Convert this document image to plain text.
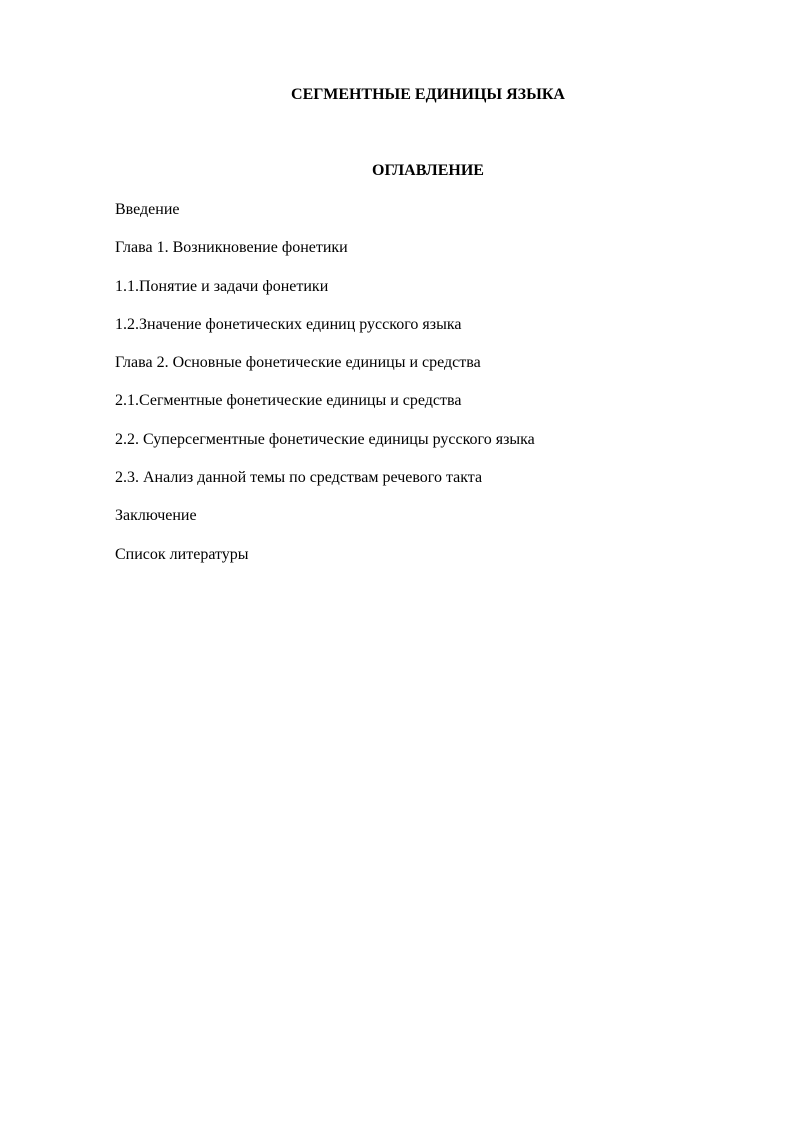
СЕГМЕНТНЫЕ ЕДИНИЦЫ ЯЗЫКА
ОГЛАВЛЕНИЕ
Введение
Глава 1. Возникновение фонетики
1.1.Понятие и задачи фонетики
1.2.Значение фонетических единиц русского языка
Глава 2. Основные фонетические единицы и средства
2.1.Сегментные фонетические единицы и средства
2.2. Суперсегментные фонетические единицы русского языка
2.3. Анализ данной темы по средствам речевого такта
Заключение
Список литературы
